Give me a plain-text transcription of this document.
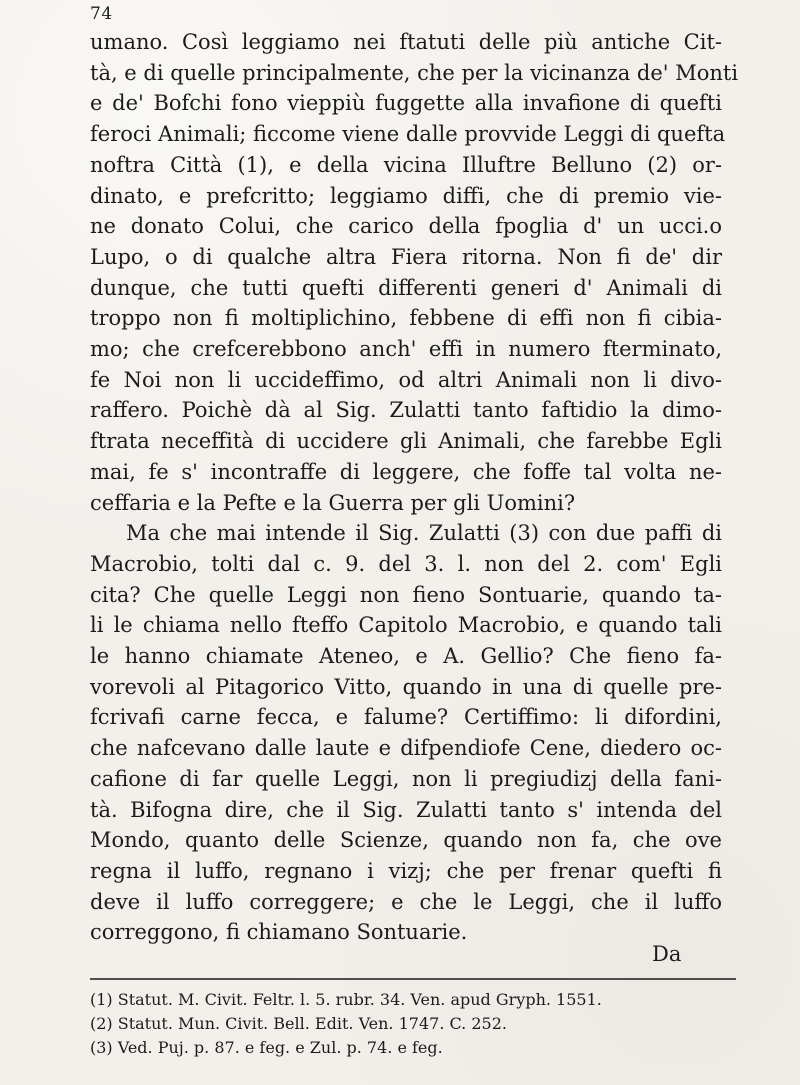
74
umano. Così leggiamo nei ftatuti delle più antiche Cit-
tà, e di quelle principalmente, che per la vicinanza de' Monti
e de' Bofchi fono vieppiù fuggette alla invafione di quefti
feroci Animali; ficcome viene dalle provvide Leggi di quefta
noftra Città (1), e della vicina Illuftre Belluno (2) or-
dinato, e prefcritto; leggiamo diffi, che di premio vie-
ne donato Colui, che carico della fpoglia d' un ucci.o
Lupo, o di qualche altra Fiera ritorna. Non fi de' dir
dunque, che tutti quefti differenti generi d' Animali di
troppo non fi moltiplichino, febbene di effi non fi cibia-
mo; che crefcerebbono anch' effi in numero fterminato,
fe Noi non li uccideffimo, od altri Animali non li divo-
raffero. Poichè dà al Sig. Zulatti tanto faftidio la dimo-
ftrata neceffità di uccidere gli Animali, che farebbe Egli
mai, fe s' incontraffe di leggere, che foffe tal volta ne-
ceffaria e la Pefte e la Guerra per gli Uomini?
Ma che mai intende il Sig. Zulatti (3) con due paffi di
Macrobio, tolti dal c. 9. del 3. l. non del 2. com' Egli
cita? Che quelle Leggi non fieno Sontuarie, quando ta-
li le chiama nello fteffo Capitolo Macrobio, e quando tali
le hanno chiamate Ateneo, e A. Gellio? Che fieno fa-
vorevoli al Pitagorico Vitto, quando in una di quelle pre-
fcrivafi carne fecca, e falume? Certiffimo: li difordini,
che nafcevano dalle laute e difpendiofe Cene, diedero oc-
cafione di far quelle Leggi, non li pregiudizj della fani-
tà. Bifogna dire, che il Sig. Zulatti tanto s' intenda del
Mondo, quanto delle Scienze, quando non fa, che ove
regna il luffo, regnano i vizj; che per frenar quefti fi
deve il luffo correggere; e che le Leggi, che il luffo
correggono, fi chiamano Sontuarie.
Da
(1) Statut. M. Civit. Feltr. l. 5. rubr. 34. Ven. apud Gryph. 1551.
(2) Statut. Mun. Civit. Bell. Edit. Ven. 1747. C. 252.
(3) Ved. Puj. p. 87. e feg. e Zul. p. 74. e feg.
